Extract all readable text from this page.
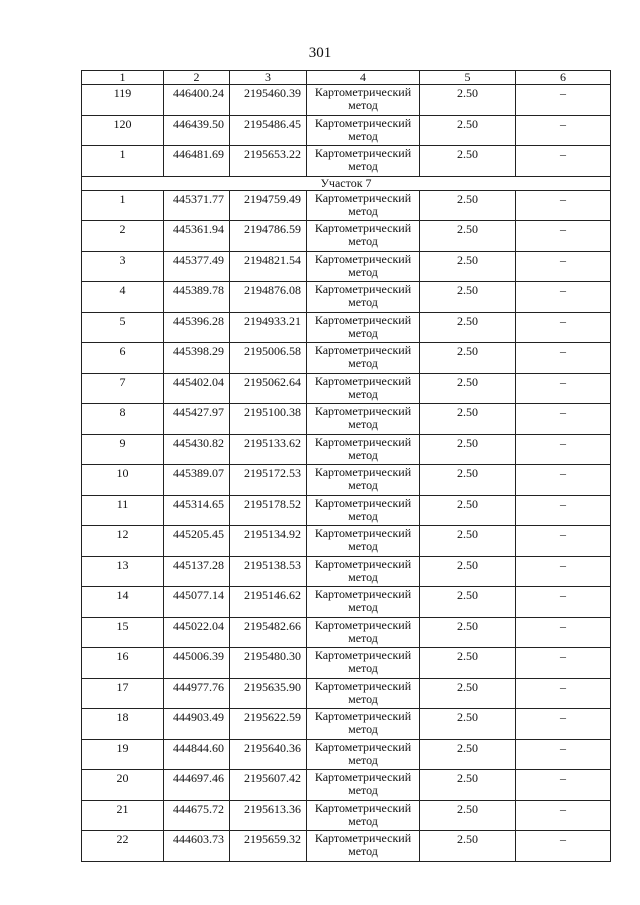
301
1	2	3	4	5	6
119	446400.24	2195460.39	Картометрический метод	2.50	–
120	446439.50	2195486.45	Картометрический метод	2.50	–
1	446481.69	2195653.22	Картометрический метод	2.50	–
Участок 7					
1	445371.77	2194759.49	Картометрический метод	2.50	–
2	445361.94	2194786.59	Картометрический метод	2.50	–
3	445377.49	2194821.54	Картометрический метод	2.50	–
4	445389.78	2194876.08	Картометрический метод	2.50	–
5	445396.28	2194933.21	Картометрический метод	2.50	–
6	445398.29	2195006.58	Картометрический метод	2.50	–
7	445402.04	2195062.64	Картометрический метод	2.50	–
8	445427.97	2195100.38	Картометрический метод	2.50	–
9	445430.82	2195133.62	Картометрический метод	2.50	–
10	445389.07	2195172.53	Картометрический метод	2.50	–
11	445314.65	2195178.52	Картометрический метод	2.50	–
12	445205.45	2195134.92	Картометрический метод	2.50	–
13	445137.28	2195138.53	Картометрический метод	2.50	–
14	445077.14	2195146.62	Картометрический метод	2.50	–
15	445022.04	2195482.66	Картометрический метод	2.50	–
16	445006.39	2195480.30	Картометрический метод	2.50	–
17	444977.76	2195635.90	Картометрический метод	2.50	–
18	444903.49	2195622.59	Картометрический метод	2.50	–
19	444844.60	2195640.36	Картометрический метод	2.50	–
20	444697.46	2195607.42	Картометрический метод	2.50	–
21	444675.72	2195613.36	Картометрический метод	2.50	–
22	444603.73	2195659.32	Картометрический метод	2.50	–
